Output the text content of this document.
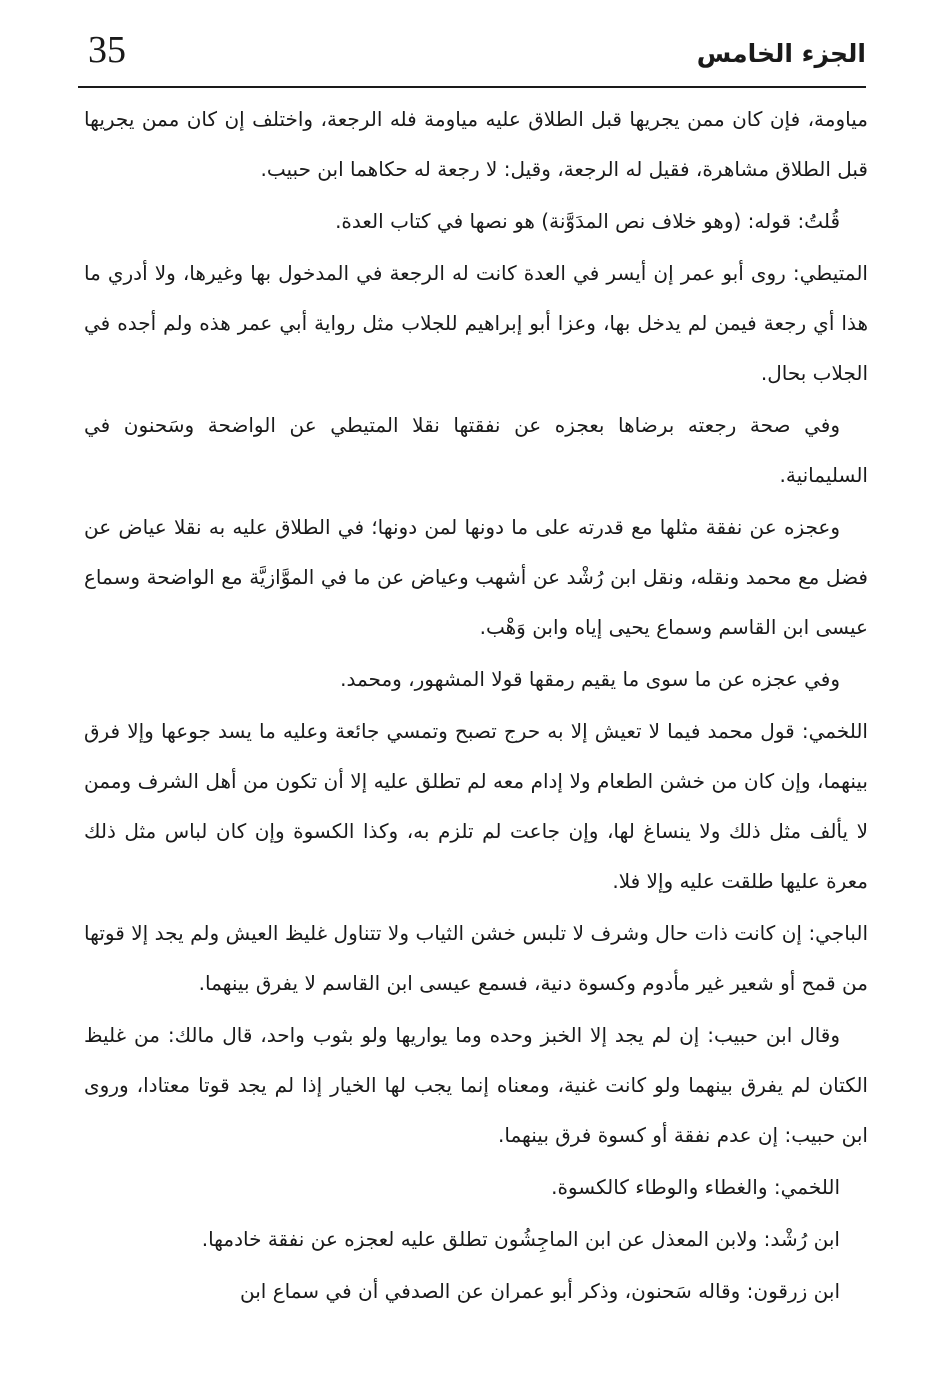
35	الجزء الخامس

مياومة، فإن كان ممن يجريها قبل الطلاق عليه مياومة فله الرجعة، واختلف إن كان ممن يجريها قبل الطلاق مشاهرة، فقيل له الرجعة، وقيل: لا رجعة له حكاهما ابن حبيب.

قُلتُ: قوله: (وهو خلاف نص المدَوَّنة) هو نصها في كتاب العدة.

المتيطي: روى أبو عمر إن أيسر في العدة كانت له الرجعة في المدخول بها وغيرها، ولا أدري ما هذا أي رجعة فيمن لم يدخل بها، وعزا أبو إبراهيم للجلاب مثل رواية أبي عمر هذه ولم أجده في الجلاب بحال.

وفي صحة رجعته برضاها بعجزه عن نفقتها نقلا المتيطي عن الواضحة وسَحنون في السليمانية.

وعجزه عن نفقة مثلها مع قدرته على ما دونها لمن دونها؛ في الطلاق عليه به نقلا عياض عن فضل مع محمد ونقله، ونقل ابن رُشْد عن أشهب وعياض عن ما في الموَّازيَّة مع الواضحة وسماع عيسى ابن القاسم وسماع يحيى إياه وابن وَهْب.

وفي عجزه عن ما سوى ما يقيم رمقها قولا المشهور، ومحمد.

اللخمي: قول محمد فيما لا تعيش إلا به حرج تصبح وتمسي جائعة وعليه ما يسد جوعها وإلا فرق بينهما، وإن كان من خشن الطعام ولا إدام معه لم تطلق عليه إلا أن تكون من أهل الشرف وممن لا يألف مثل ذلك ولا ينساغ لها، وإن جاعت لم تلزم به، وكذا الكسوة وإن كان لباس مثل ذلك معرة عليها طلقت عليه وإلا فلا.

الباجي: إن كانت ذات حال وشرف لا تلبس خشن الثياب ولا تتناول غليظ العيش ولم يجد إلا قوتها من قمح أو شعير غير مأدوم وكسوة دنية، فسمع عيسى ابن القاسم لا يفرق بينهما.

وقال ابن حبيب: إن لم يجد إلا الخبز وحده وما يواريها ولو بثوب واحد، قال مالك: من غليظ الكتان لم يفرق بينهما ولو كانت غنية، ومعناه إنما يجب لها الخيار إذا لم يجد قوتا معتادا، وروى ابن حبيب: إن عدم نفقة أو كسوة فرق بينهما.

اللخمي: والغطاء والوطاء كالكسوة.

ابن رُشْد: ولابن المعذل عن ابن الماجِشُون تطلق عليه لعجزه عن نفقة خادمها.

ابن زرقون: وقاله سَحنون، وذكر أبو عمران عن الصدفي أن في سماع ابن
